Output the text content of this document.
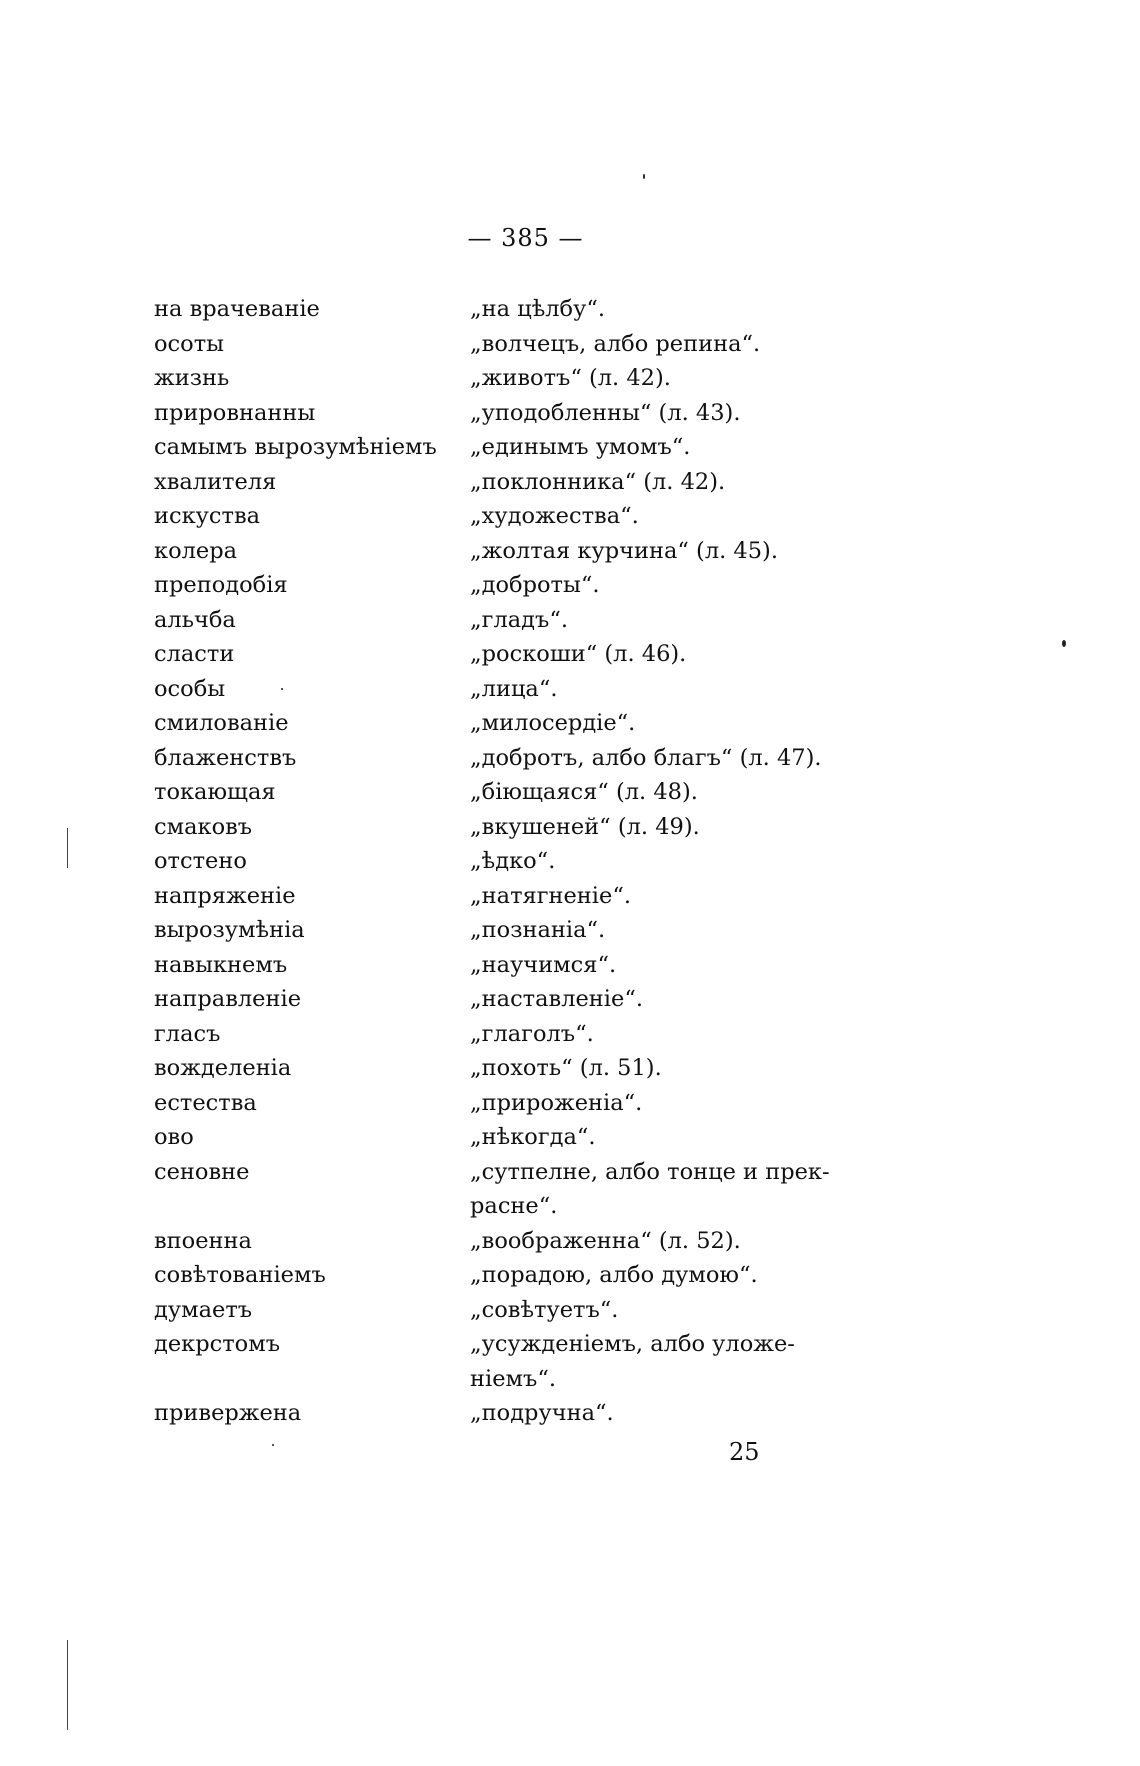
— 385 —
на врачеваніе	„на цѣлбу“.
осоты	„волчецъ, албо репина“.
жизнь	„животъ“ (л. 42).
прировнанны	„уподобленны“ (л. 43).
самымъ вырозумѣніемъ „единымъ умомъ“.
хвалителя	„поклонника“ (л. 42).
искуства	„художества“.
колера	„жолтая курчина“ (л. 45).
преподобія	„доброты“.
альчба	„гладъ“.
сласти	„роскоши“ (л. 46).
особы	„лица“.
смилованіе	„милосердіе“.
блаженствъ	„добротъ, албо благъ“ (л. 47).
токающая	„біющаяся“ (л. 48).
смаковъ	„вкушеней“ (л. 49).
отстено	„ѣдко“.
напряженіе	„натягненіе“.
вырозумѣніа	„познаніа“.
навыкнемъ	„научимся“.
направленіе	„наставленіе“.
гласъ	„глаголъ“.
вожделеніа	„похоть“ (л. 51).
естества	„прироженіа“.
ово	„нѣкогда“.
сеновне	„сутпелне, албо тонце и прек-
расне“.
впоенна	„воображенна“ (л. 52).
совѣтованіемъ	„порадою, албо думою“.
думаетъ	„совѣтуетъ“.
декрстомъ	„усужденіемъ, албо уложе-
ніемъ“.
привержена	„подручна“.
25
